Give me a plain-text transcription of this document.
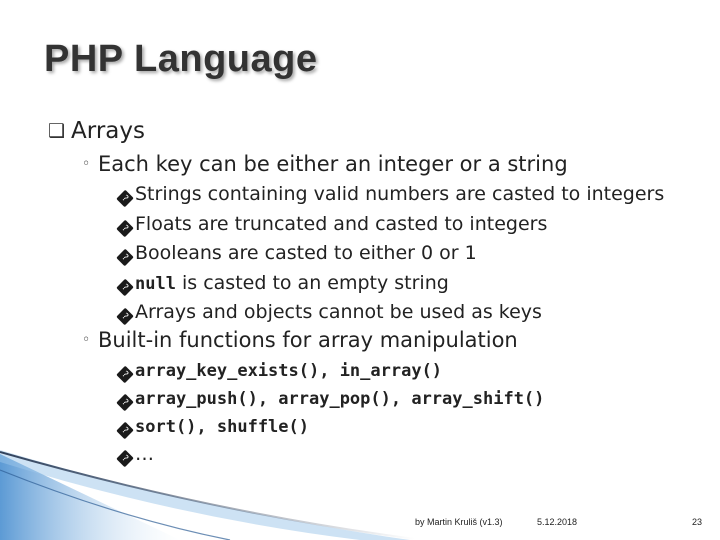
PHP Language
❑ Arrays
◦ Each key can be either an integer or a string
? Strings containing valid numbers are casted to integers
? Floats are truncated and casted to integers
? Booleans are casted to either 0 or 1
? null is casted to an empty string
? Arrays and objects cannot be used as keys
◦ Built-in functions for array manipulation
? array_key_exists(), in_array()
? array_push(), array_pop(), array_shift()
? sort(), shuffle()
? …
by Martin Kruliš (v1.3)	5.12.2018	23
